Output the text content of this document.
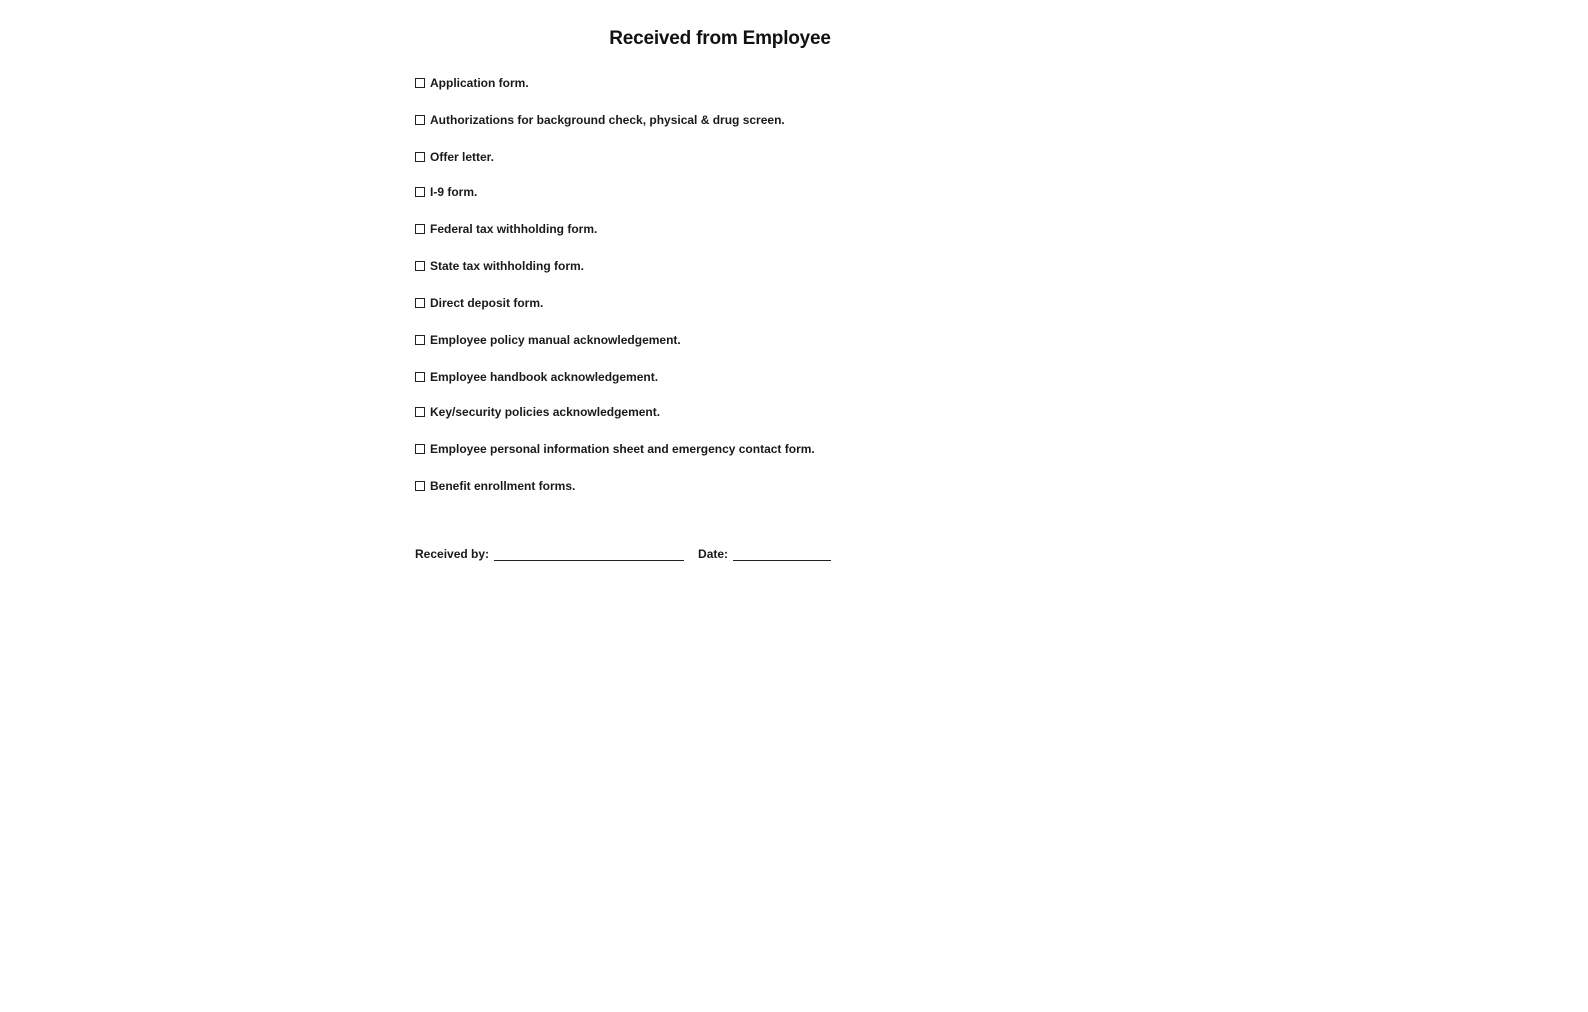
Received from Employee
Application form.
Authorizations for background check, physical & drug screen.
Offer letter.
I-9 form.
Federal tax withholding form.
State tax withholding form.
Direct deposit form.
Employee policy manual acknowledgement.
Employee handbook acknowledgement.
Key/security policies acknowledgement.
Employee personal information sheet and emergency contact form.
Benefit enrollment forms.
Received by:	Date:
